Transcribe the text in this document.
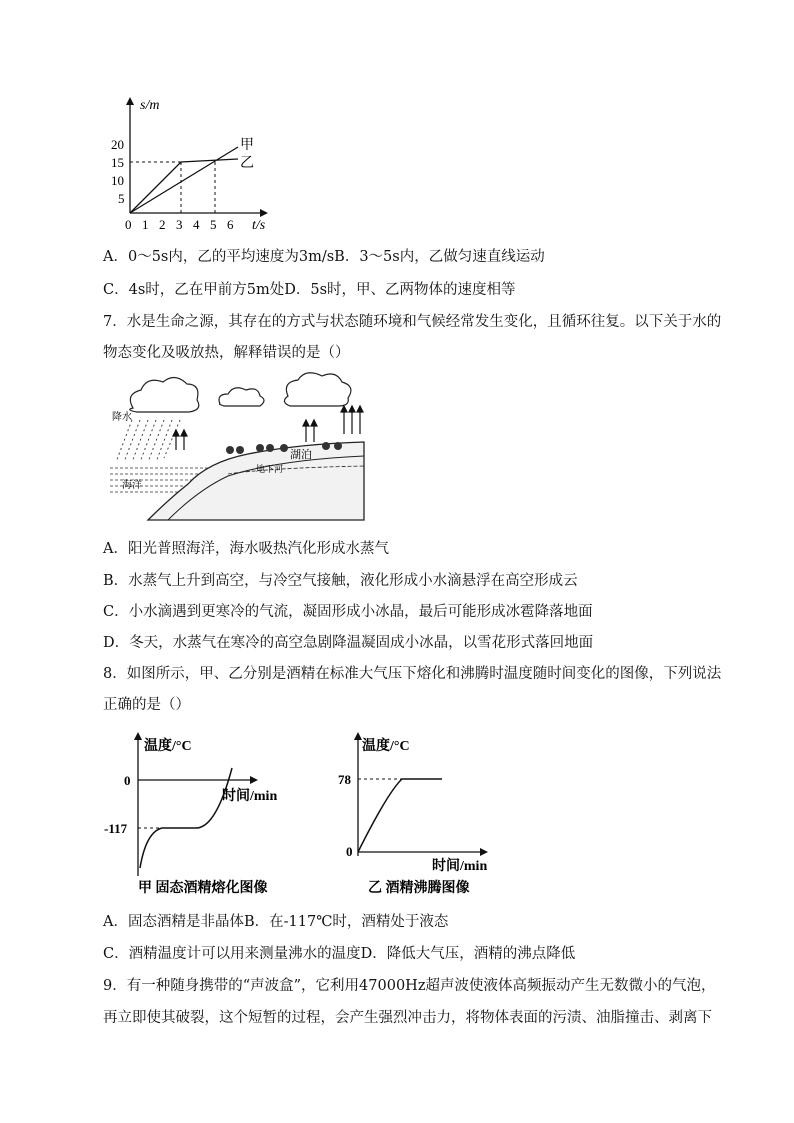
s/m
20
15
10
5
0 1 2 3 4 5 6 t/s
甲
乙
A．0～5s内，乙的平均速度为3m/sB．3～5s内，乙做匀速直线运动
C．4s时，乙在甲前方5m处D．5s时，甲、乙两物体的速度相等
7．水是生命之源，其存在的方式与状态随环境和气候经常发生变化，且循环往复。以下关于水的
物态变化及吸放热，解释错误的是（）
降水
海洋
湖泊
地下河
A．阳光普照海洋，海水吸热汽化形成水蒸气
B．水蒸气上升到高空，与冷空气接触，液化形成小水滴悬浮在高空形成云
C．小水滴遇到更寒冷的气流，凝固形成小冰晶，最后可能形成冰雹降落地面
D．冬天，水蒸气在寒冷的高空急剧降温凝固成小冰晶，以雪花形式落回地面
8．如图所示，甲、乙分别是酒精在标准大气压下熔化和沸腾时温度随时间变化的图像，下列说法
正确的是（）
温度/°C
时间/min
0
-117
甲 固态酒精熔化图像
温度/°C
时间/min
78
0
乙 酒精沸腾图像
A．固态酒精是非晶体B．在-117℃时，酒精处于液态
C．酒精温度计可以用来测量沸水的温度D．降低大气压，酒精的沸点降低
9．有一种随身携带的“声波盒”，它利用47000Hz超声波使液体高频振动产生无数微小的气泡，
再立即使其破裂，这个短暂的过程，会产生强烈冲击力，将物体表面的污渍、油脂撞击、剥离下
